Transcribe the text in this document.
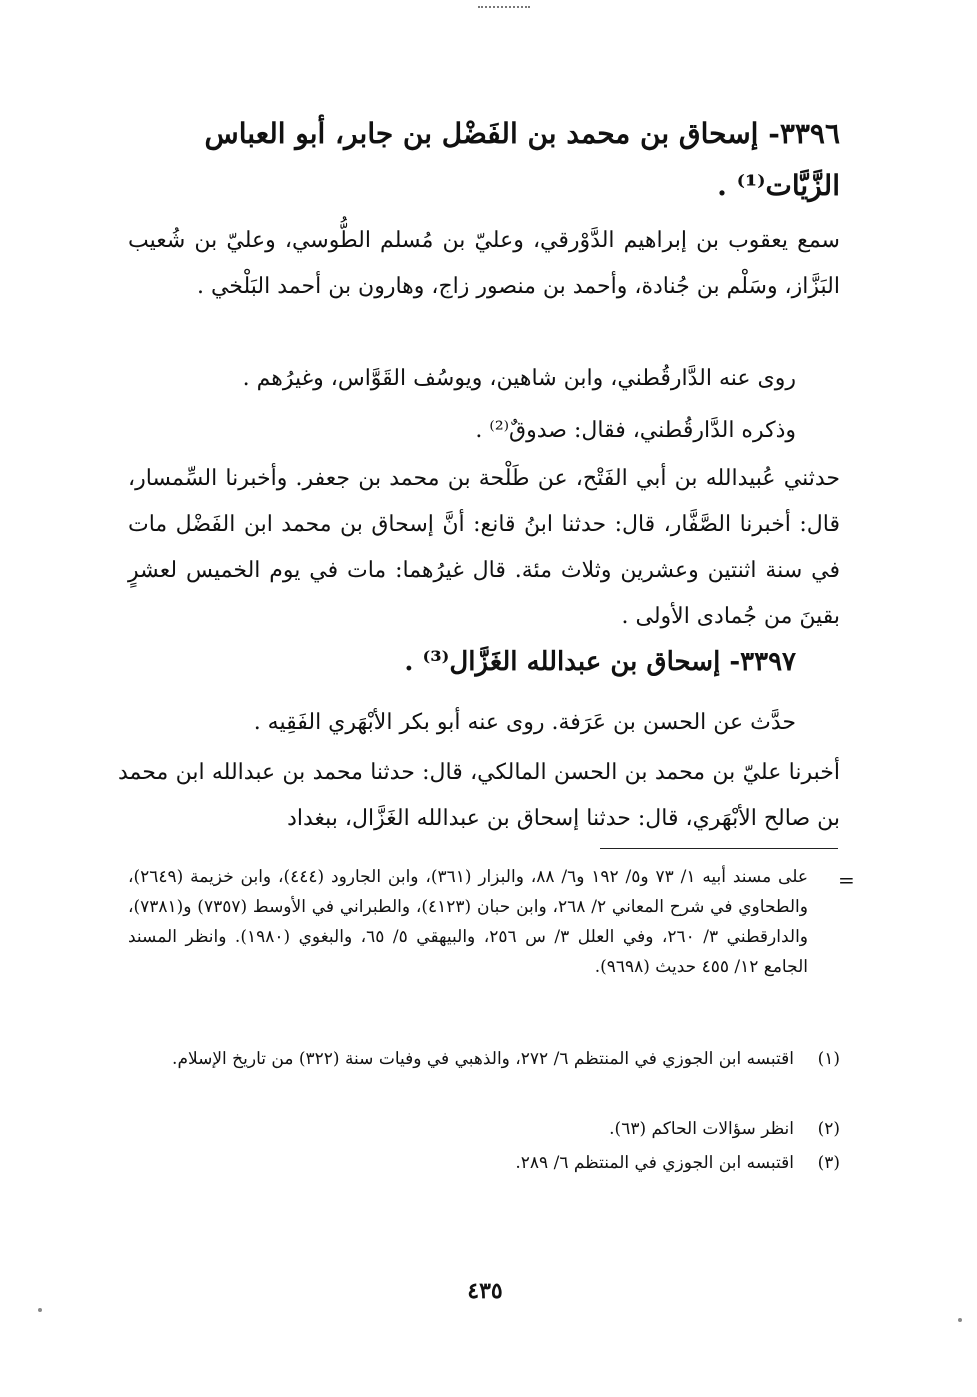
٣٣٩٦- إسحاق بن محمد بن الفَضْل بن جابر، أبو العباس
الزَّيَّات⁽¹⁾ .
سمع يعقوب بن إبراهيم الدَّوْرقي، وعليّ بن مُسلم الطُّوسي، وعليّ بن شُعيب البَزَّاز، وسَلْم بن جُنادة، وأحمد بن منصور زاج، وهارون بن أحمد البَلْخي .
روى عنه الدَّارقُطني، وابن شاهين، ويوسُف القَوَّاس، وغيرُهم .
وذكره الدَّارقُطني، فقال: صدوقٌ⁽²⁾ .
حدثني عُبيدالله بن أبي الفَتْح، عن طَلْحة بن محمد بن جعفر. وأخبرنا السِّمسار، قال: أخبرنا الصَّفَّار، قال: حدثنا ابنُ قانع: أنَّ إسحاق بن محمد ابن الفَضْل مات في سنة اثنتين وعشرين وثلاث مئة. قال غيرُهما: مات في يوم الخميس لعشرٍ بقينَ من جُمادى الأولى .
٣٣٩٧- إسحاق بن عبدالله الغَزَّال⁽³⁾ .
حدَّث عن الحسن بن عَرَفة. روى عنه أبو بكر الأبْهَري الفَقِيه .
أخبرنا عليّ بن محمد بن الحسن المالكي، قال: حدثنا محمد بن عبدالله ابن محمد بن صالح الأبْهَري، قال: حدثنا إسحاق بن عبدالله الغَزَّال، ببغداد
=
على مسند أبيه ١/ ٧٣ و٥/ ١٩٢ و٦/ ٨٨، والبزار (٣٦١)، وابن الجارود (٤٤٤)، وابن خزيمة (٢٦٤٩)، والطحاوي في شرح المعاني ٢/ ٢٦٨، وابن حبان (٤١٢٣)، والطبراني في الأوسط (٧٣٥٧) و(٧٣٨١)، والدارقطني ٣/ ٢٦٠، وفي العلل ٣/ س ٢٥٦، والبيهقي ٥/ ٦٥، والبغوي (١٩٨٠). وانظر المسند الجامع ١٢/ ٤٥٥ حديث (٩٦٩٨).
(١)اقتبسه ابن الجوزي في المنتظم ٦/ ٢٧٢، والذهبي في وفيات سنة (٣٢٢) من تاريخ الإسلام.
(٢)انظر سؤالات الحاكم (٦٣).
(٣)اقتبسه ابن الجوزي في المنتظم ٦/ ٢٨٩.
٤٣٥
